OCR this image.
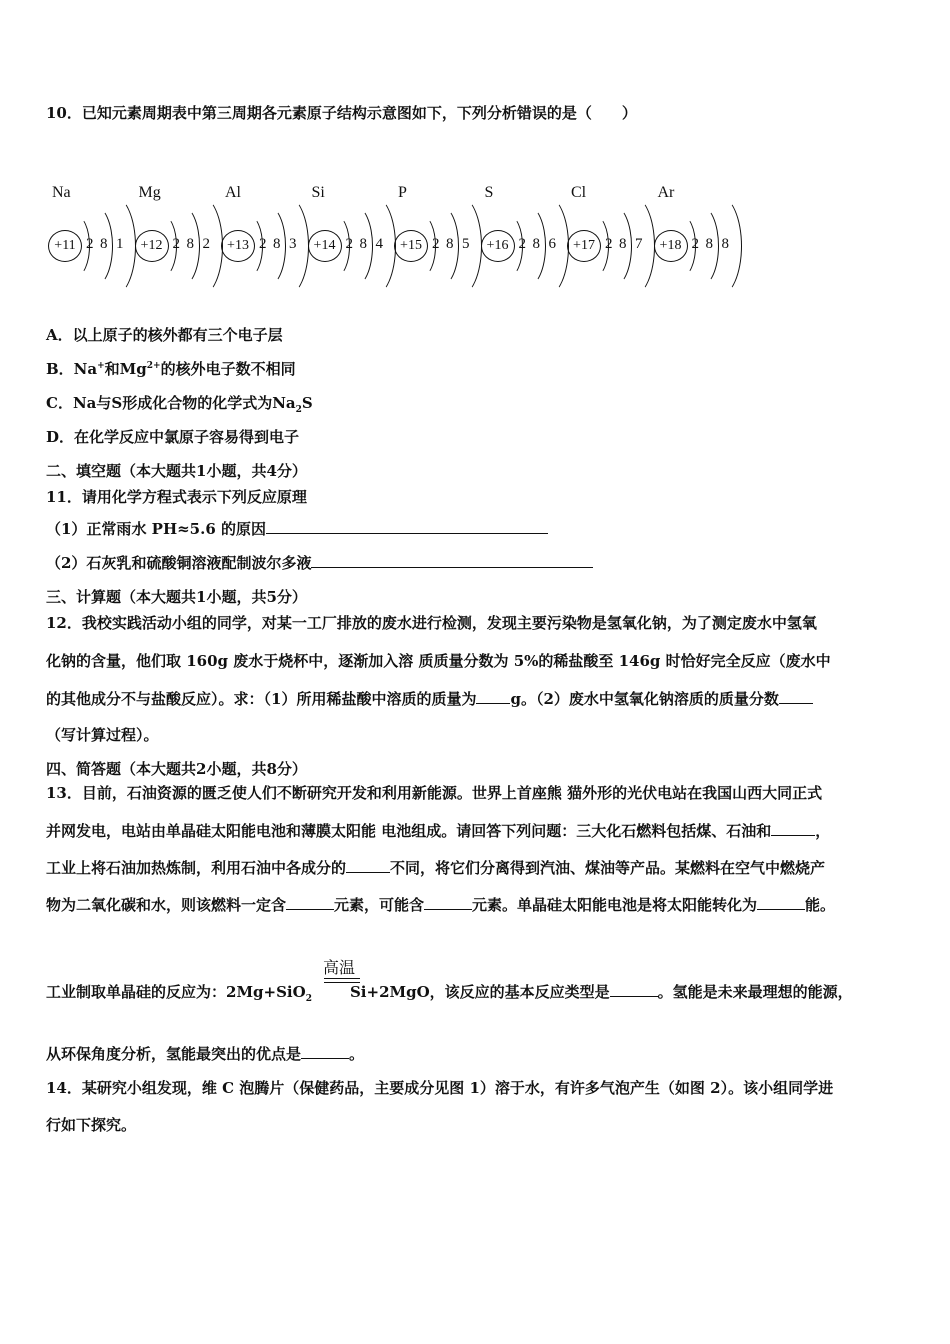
10．已知元素周期表中第三周期各元素原子结构示意图如下，下列分析错误的是（　　）
Na
+11 2 8 1
Mg
+12 2 8 2
Al
+13 2 8 3
Si
+14 2 8 4
P
+15 2 8 5
S
+16 2 8 6
Cl
+17 2 8 7
Ar
+18 2 8 8
A．以上原子的核外都有三个电子层
B．Na+和$Mg^{2+}$的核外电子数不相同
C．Na与S形成化合物的化学式为$Na_2S$
D．在化学反应中氯原子容易得到电子
二、填空题（本大题共1小题，共4分）
11．请用化学方程式表示下列反应原理
（1）正常雨水 PH≈5.6 的原因
（2）石灰乳和硫酸铜溶液配制波尔多液
三、计算题（本大题共1小题，共5分）
12．我校实践活动小组的同学，对某一工厂排放的废水进行检测，发现主要污染物是氢氧化钠，为了测定废水中氢氧
化钠的含量，他们取 160g 废水于烧杯中，逐渐加入溶 质质量分数为 5%的稀盐酸至 146g 时恰好完全反应（废水中
的其他成分不与盐酸反应）。求：（1）所用稀盐酸中溶质的质量为 g。（2）废水中氢氧化钠溶质的质量分数
（写计算过程）。
四、简答题（本大题共2小题，共8分）
13．目前，石油资源的匮乏使人们不断研究开发和利用新能源。世界上首座熊 猫外形的光伏电站在我国山西大同正式
并网发电，电站由单晶硅太阳能电池和薄膜太阳能 电池组成。请回答下列问题：三大化石燃料包括煤、石油和	，
工业上将石油加热炼制，利用石油中各成分的	不同，将它们分离得到汽油、煤油等产品。某燃料在空气中燃烧产
物为二氧化碳和水，则该燃料一定含	元素，可能含	元素。单晶硅太阳能电池是将太阳能转化为	能。
高温
工业制取单晶硅的反应为：2Mg+SiO$_2$	Si+2MgO，该反应的基本反应类型是	。氢能是未来最理想的能源，
从环保角度分析，氢能最突出的优点是	。
14．某研究小组发现，维 C 泡腾片（保健药品，主要成分见图 1）溶于水，有许多气泡产生（如图 2）。该小组同学进
行如下探究。
